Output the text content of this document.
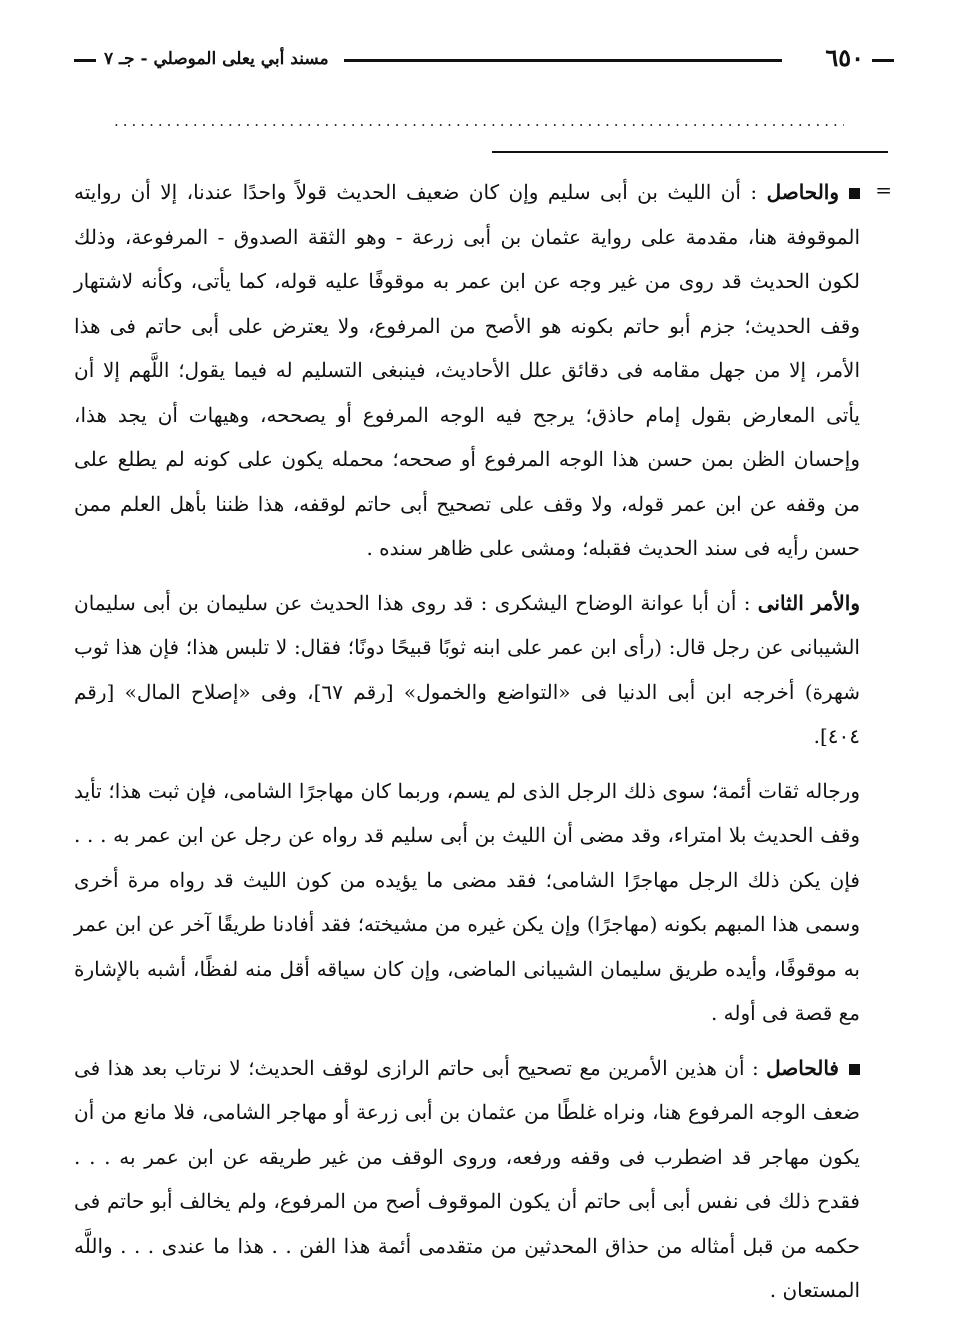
٦٥٠
مسند أبي يعلى الموصلي - جـ ٧
.....
=

والحاصل : أن الليث بن أبى سليم وإن كان ضعيف الحديث قولاً واحدًا عندنا، إلا أن روايته الموقوفة هنا، مقدمة على رواية عثمان بن أبى زرعة - وهو الثقة الصدوق - المرفوعة، وذلك لكون الحديث قد روى من غير وجه عن ابن عمر به موقوفًا عليه قوله، كما يأتى، وكأنه لاشتهار وقف الحديث؛ جزم أبو حاتم بكونه هو الأصح من المرفوع، ولا يعترض على أبى حاتم فى هذا الأمر، إلا من جهل مقامه فى دقائق علل الأحاديث، فينبغى التسليم له فيما يقول؛ اللَّهم إلا أن يأتى المعارض بقول إمام حاذق؛ يرجح فيه الوجه المرفوع أو يصححه، وهيهات أن يجد هذا، وإحسان الظن بمن حسن هذا الوجه المرفوع أو صححه؛ محمله يكون على كونه لم يطلع على من وقفه عن ابن عمر قوله، ولا وقف على تصحيح أبى حاتم لوقفه، هذا ظننا بأهل العلم ممن حسن رأيه فى سند الحديث فقبله؛ ومشى على ظاهر سنده .

والأمر الثانى : أن أبا عوانة الوضاح اليشكرى : قد روى هذا الحديث عن سليمان بن أبى سليمان الشيبانى عن رجل قال: (رأى ابن عمر على ابنه ثوبًا قبيحًا دونًا؛ فقال: لا تلبس هذا؛ فإن هذا ثوب شهرة) أخرجه ابن أبى الدنيا فى «التواضع والخمول» [رقم ٦٧]، وفى «إصلاح المال» [رقم ٤٠٤].

ورجاله ثقات أئمة؛ سوى ذلك الرجل الذى لم يسم، وربما كان مهاجرًا الشامى، فإن ثبت هذا؛ تأيد وقف الحديث بلا امتراء، وقد مضى أن الليث بن أبى سليم قد رواه عن رجل عن ابن عمر به . . . فإن يكن ذلك الرجل مهاجرًا الشامى؛ فقد مضى ما يؤيده من كون الليث قد رواه مرة أخرى وسمى هذا المبهم بكونه (مهاجرًا) وإن يكن غيره من مشيخته؛ فقد أفادنا طريقًا آخر عن ابن عمر به موقوفًا، وأيده طريق سليمان الشيبانى الماضى، وإن كان سياقه أقل منه لفظًا، أشبه بالإشارة مع قصة فى أوله .

فالحاصل : أن هذين الأمرين مع تصحيح أبى حاتم الرازى لوقف الحديث؛ لا نرتاب بعد هذا فى ضعف الوجه المرفوع هنا، ونراه غلطًا من عثمان بن أبى زرعة أو مهاجر الشامى، فلا مانع من أن يكون مهاجر قد اضطرب فى وقفه ورفعه، وروى الوقف من غير طريقه عن ابن عمر به . . . فقدح ذلك فى نفس أبى أبى حاتم أن يكون الموقوف أصح من المرفوع، ولم يخالف أبو حاتم فى حكمه من قبل أمثاله من حذاق المحدثين من متقدمى أئمة هذا الفن . . هذا ما عندى . . . واللَّه المستعان .
